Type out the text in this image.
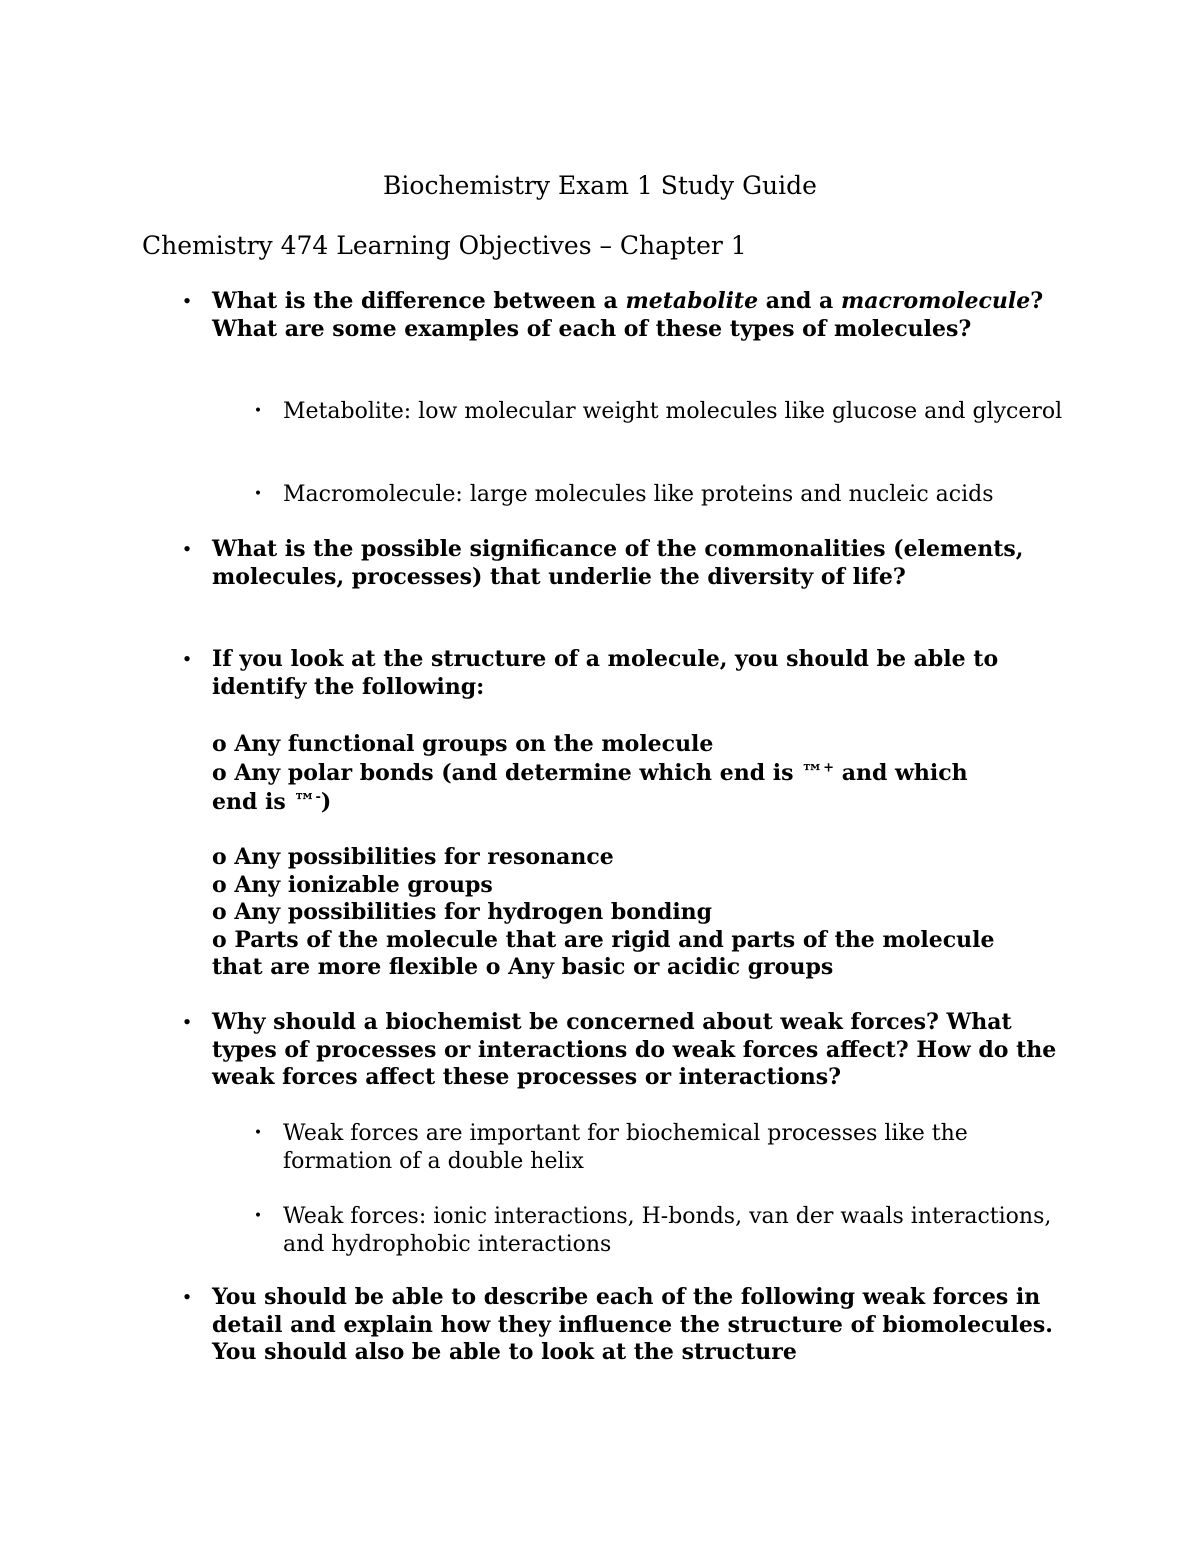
Biochemistry Exam 1 Study Guide
Chemistry 474 Learning Objectives – Chapter 1
• What is the difference between a metabolite and a macromolecule? What are some examples of each of these types of molecules?
• Metabolite: low molecular weight molecules like glucose and glycerol
• Macromolecule: large molecules like proteins and nucleic acids
• What is the possible significance of the commonalities (elements, molecules, processes) that underlie the diversity of life?
• If you look at the structure of a molecule, you should be able to identify the following:
o Any functional groups on the molecule
o Any polar bonds (and determine which end is ™+ and which
end is ™-)
o Any possibilities for resonance
o Any ionizable groups
o Any possibilities for hydrogen bonding
o Parts of the molecule that are rigid and parts of the molecule
that are more flexible o Any basic or acidic groups
• Why should a biochemist be concerned about weak forces? What types of processes or interactions do weak forces affect? How do the weak forces affect these processes or interactions?
• Weak forces are important for biochemical processes like the formation of a double helix
• Weak forces: ionic interactions, H-bonds, van der waals interactions, and hydrophobic interactions
• You should be able to describe each of the following weak forces in detail and explain how they influence the structure of biomolecules. You should also be able to look at the structure
